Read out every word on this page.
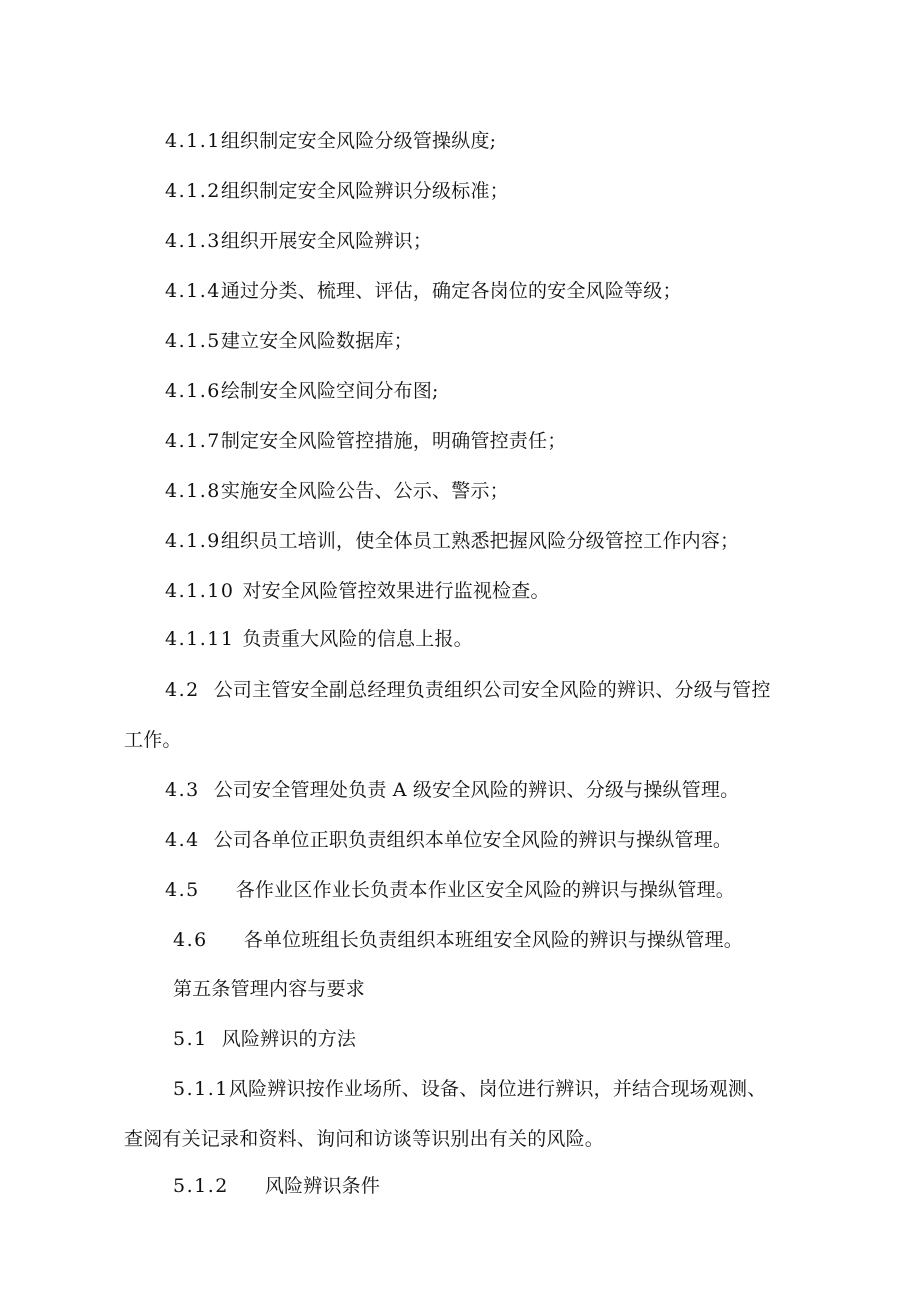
4.1.1组织制定安全风险分级管操纵度;
4.1.2组织制定安全风险辨识分级标准；
4.1.3组织开展安全风险辨识；
4.1.4通过分类、梳理、评估，确定各岗位的安全风险等级；
4.1.5建立安全风险数据库；
4.1.6绘制安全风险空间分布图;
4.1.7制定安全风险管控措施，明确管控责任；
4.1.8实施安全风险公告、公示、警示；
4.1.9组织员工培训，使全体员工熟悉把握风险分级管控工作内容；
4.1.10 对安全风险管控效果进行监视检查。
4.1.11 负责重大风险的信息上报。
4.2 公司主管安全副总经理负责组织公司安全风险的辨识、分级与管控
工作。
4.3 公司安全管理处负责 A 级安全风险的辨识、分级与操纵管理。
4.4 公司各单位正职负责组织本单位安全风险的辨识与操纵管理。
4.5 各作业区作业长负责本作业区安全风险的辨识与操纵管理。
4.6 各单位班组长负责组织本班组安全风险的辨识与操纵管理。
第五条管理内容与要求
5.1 风险辨识的方法
5.1.1风险辨识按作业场所、设备、岗位进行辨识，并结合现场观测、
查阅有关记录和资料、询问和访谈等识别出有关的风险。
5.1.2 风险辨识条件
